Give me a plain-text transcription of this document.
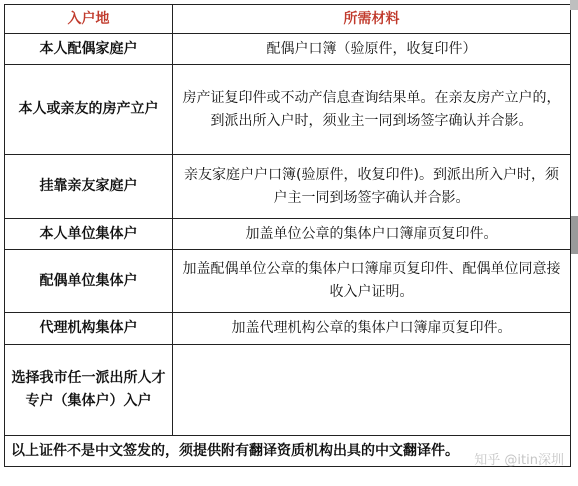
入户地	所需材料
本人配偶家庭户	配偶户口簿（验原件，收复印件）
本人或亲友的房产立户	房产证复印件或不动产信息查询结果单。在亲友房产立户的，到派出所入户时，须业主一同到场签字确认并合影。
挂靠亲友家庭户	亲友家庭户户口簿(验原件，收复印件)。到派出所入户时，须户主一同到场签字确认并合影。
本人单位集体户	加盖单位公章的集体户口簿扉页复印件。
配偶单位集体户	加盖配偶单位公章的集体户口簿扉页复印件、配偶单位同意接收入户证明。
代理机构集体户	加盖代理机构公章的集体户口簿扉页复印件。
选择我市任一派出所人才专户（集体户）入户	
以上证件不是中文签发的，须提供附有翻译资质机构出具的中文翻译件。	
知乎 @itin深圳
